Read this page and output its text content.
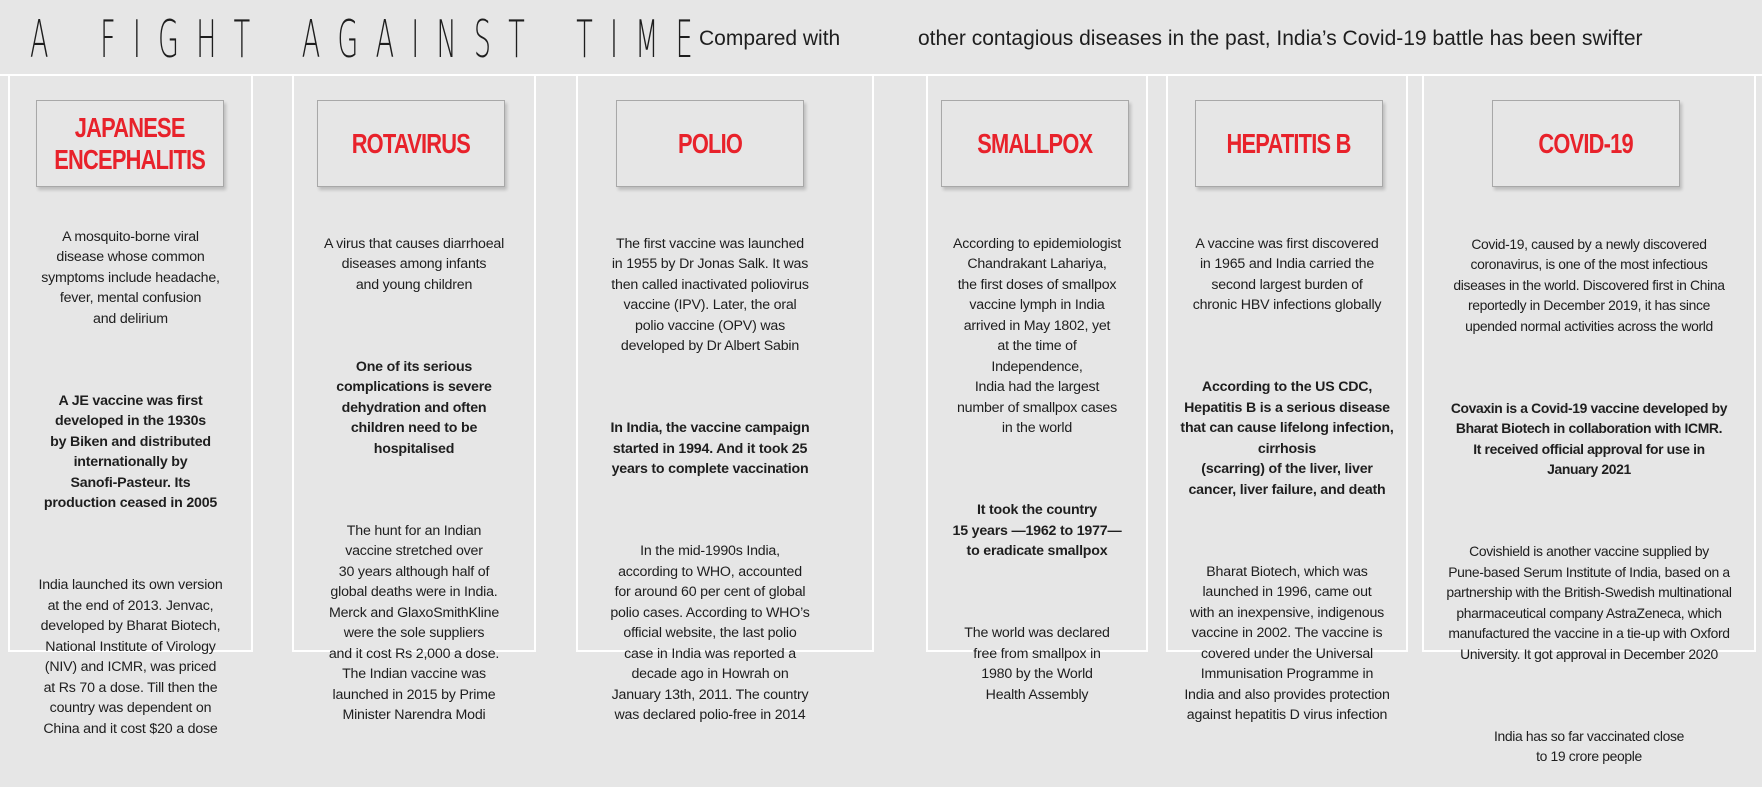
A      F  I  G  H  T      A  G  A  I  N  S  T      T  I  M  E Compared with	other contagious diseases in the past, India’s Covid-19 battle has been swifter
JAPANESE
ENCEPHALITIS

A mosquito-borne viral
disease whose common
symptoms include headache,
fever, mental confusion
and delirium

A JE vaccine was first
developed in the 1930s
by Biken and distributed
internationally by
Sanofi-Pasteur. Its
production ceased in 2005

India launched its own version
at the end of 2013. Jenvac,
developed by Bharat Biotech,
National Institute of Virology
(NIV) and ICMR, was priced
at Rs 70 a dose. Till then the
country was dependent on
China and it cost $20 a dose

ROTAVIRUS

A virus that causes diarrhoeal
diseases among infants
and young children

One of its serious
complications is severe
dehydration and often
children need to be
hospitalised

The hunt for an Indian
vaccine stretched over
30 years although half of
global deaths were in India.
Merck and GlaxoSmithKline
were the sole suppliers
and it cost Rs 2,000 a dose.
The Indian vaccine was
launched in 2015 by Prime
Minister Narendra Modi

POLIO

The first vaccine was launched
in 1955 by Dr Jonas Salk. It was
then called inactivated poliovirus
vaccine (IPV). Later, the oral
polio vaccine (OPV) was
developed by Dr Albert Sabin

In India, the vaccine campaign
started in 1994. And it took 25
years to complete vaccination

In the mid-1990s India,
according to WHO, accounted
for around 60 per cent of global
polio cases. According to WHO’s
official website, the last polio
case in India was reported a
decade ago in Howrah on
January 13th, 2011. The country
was declared polio-free in 2014

SMALLPOX

According to epidemiologist
Chandrakant Lahariya,
the first doses of smallpox
vaccine lymph in India
arrived in May 1802, yet
at the time of
Independence,
India had the largest
number of smallpox cases
in the world

It took the country
15 years —1962 to 1977—
to eradicate smallpox

The world was declared
free from smallpox in
1980 by the World
Health Assembly

HEPATITIS B

A vaccine was first discovered
in 1965 and India carried the
second largest burden of
chronic HBV infections globally

According to the US CDC,
Hepatitis B is a serious disease
that can cause lifelong infection,
cirrhosis
(scarring) of the liver, liver
cancer, liver failure, and death

Bharat Biotech, which was
launched in 1996, came out
with an inexpensive, indigenous
vaccine in 2002. The vaccine is
covered under the Universal
Immunisation Programme in
India and also provides protection
against hepatitis D virus infection

COVID-19

Covid-19, caused by a newly discovered
coronavirus, is one of the most infectious
diseases in the world. Discovered first in China
reportedly in December 2019, it has since
upended normal activities across the world

Covaxin is a Covid-19 vaccine developed by
Bharat Biotech in collaboration with ICMR.
It received official approval for use in
January 2021

Covishield is another vaccine supplied by
Pune-based Serum Institute of India, based on a
partnership with the British-Swedish multinational
pharmaceutical company AstraZeneca, which
manufactured the vaccine in a tie-up with Oxford
University. It got approval in December 2020

India has so far vaccinated close
to 19 crore people
